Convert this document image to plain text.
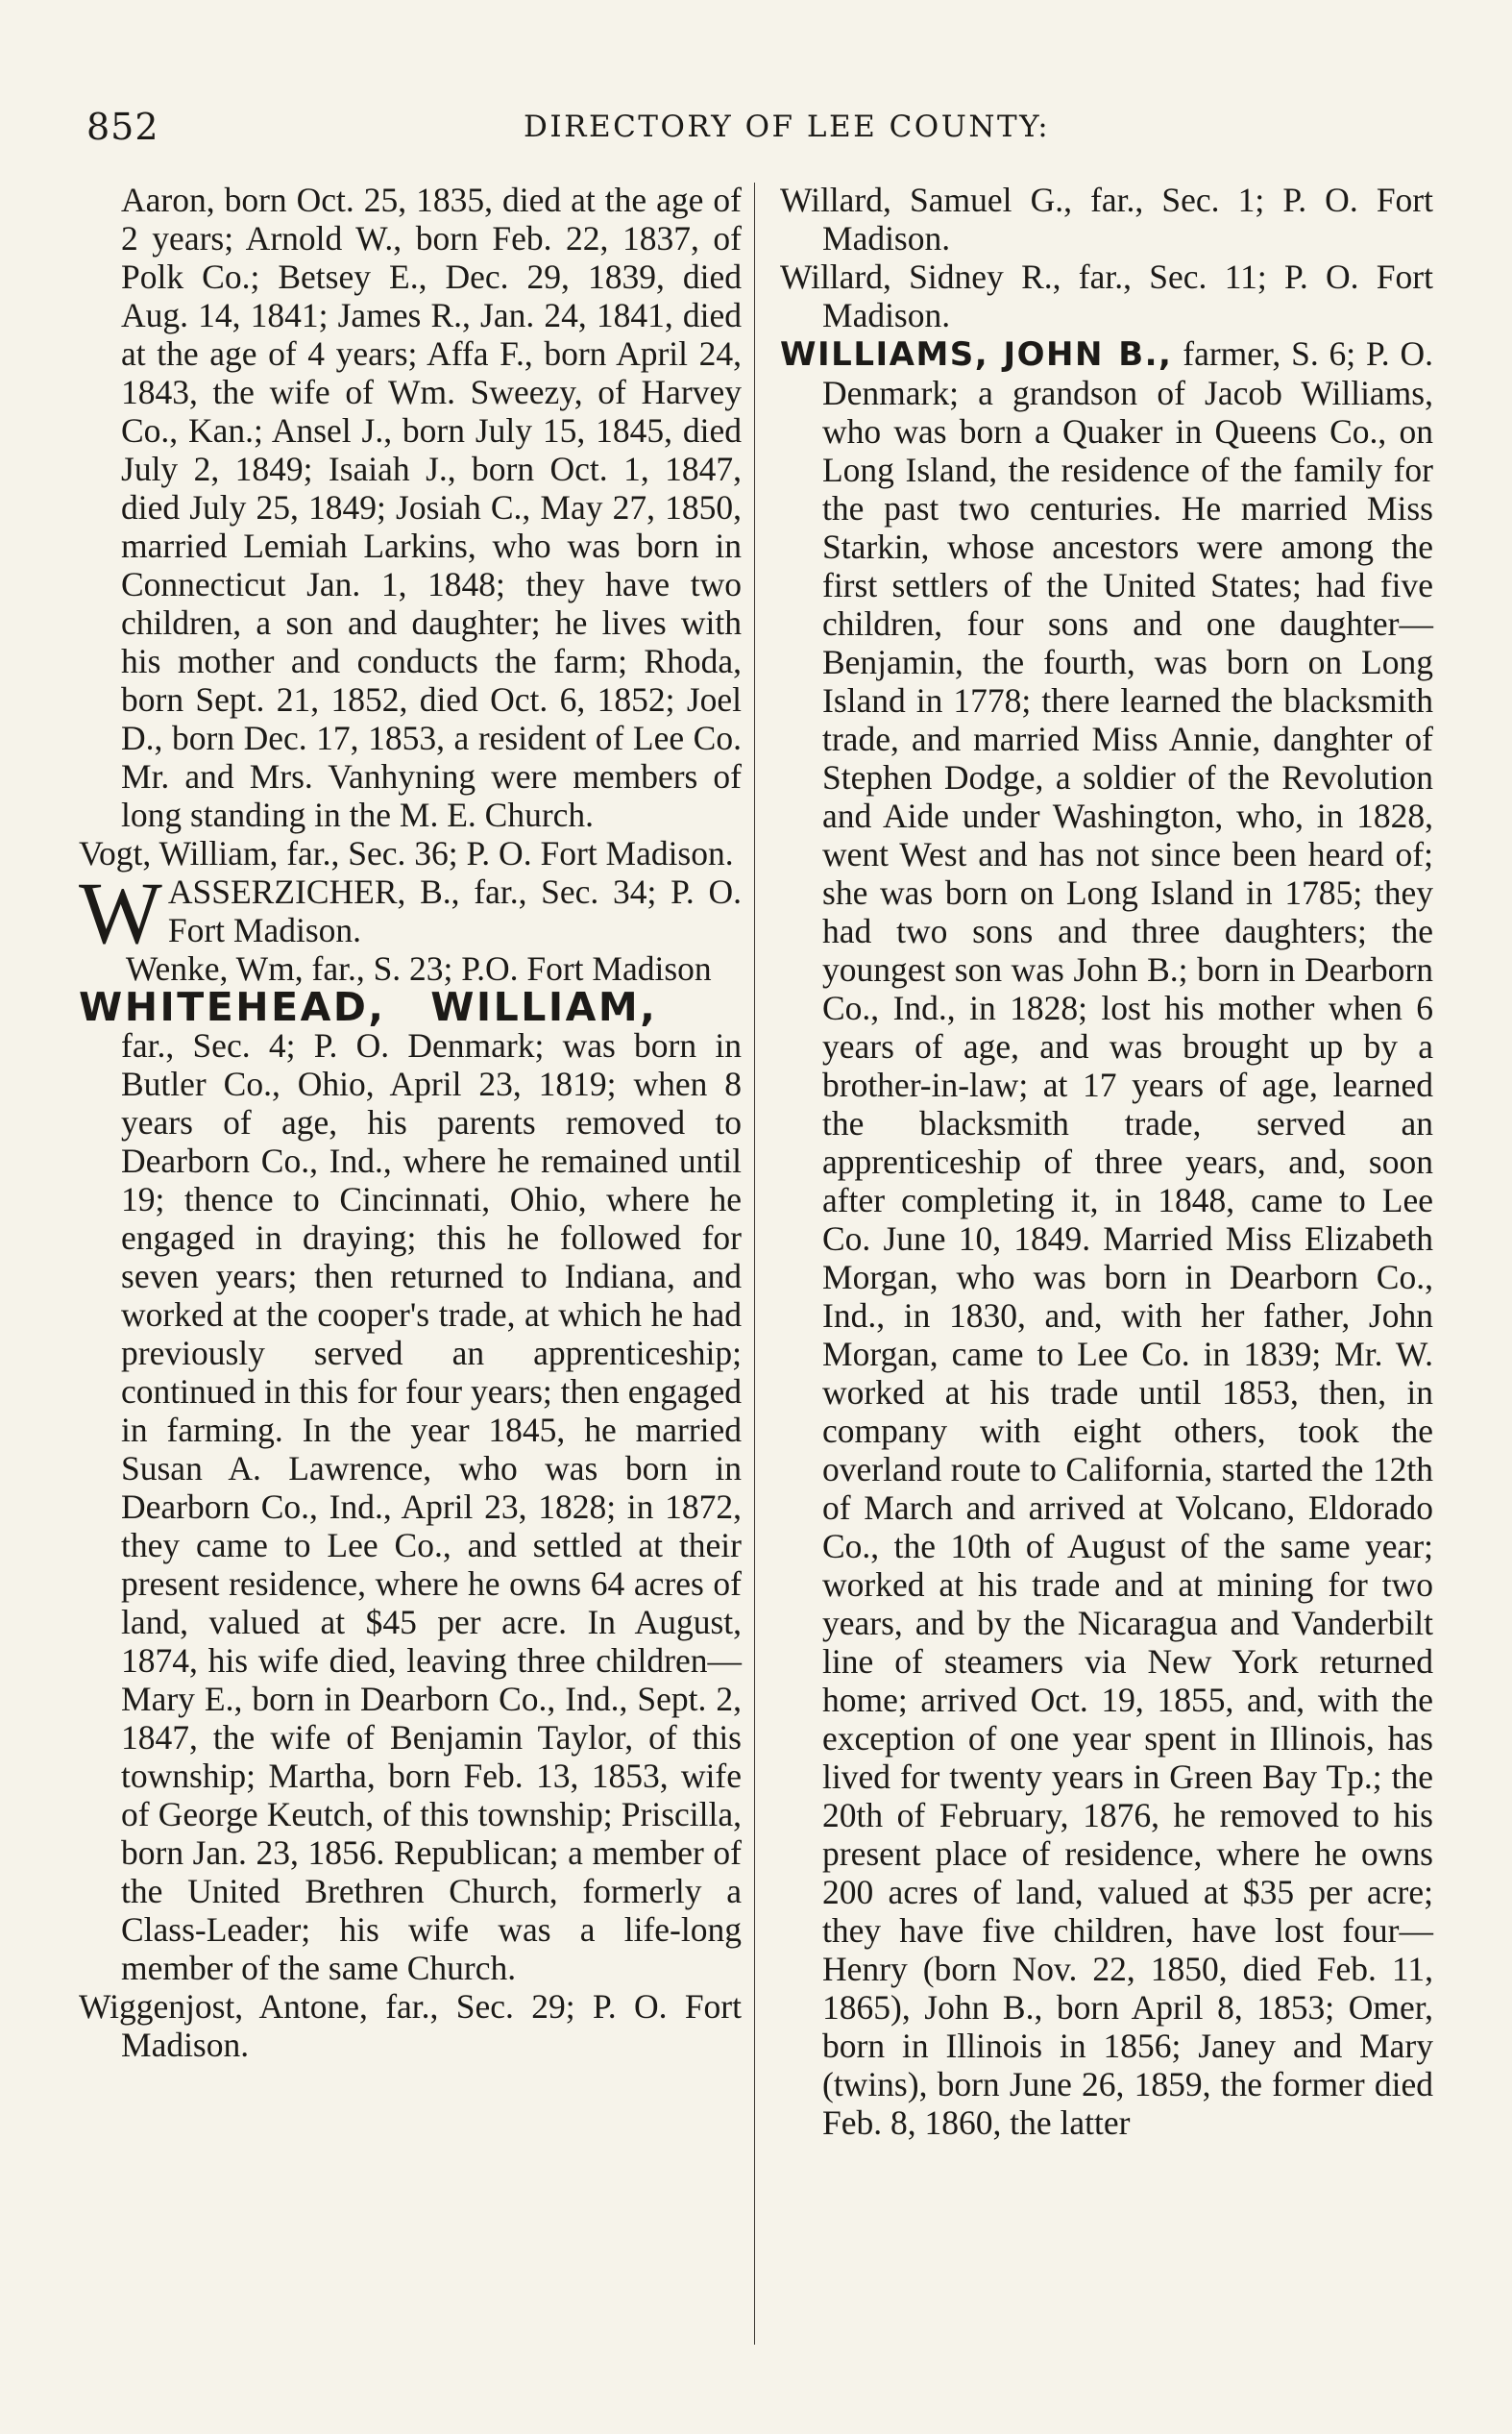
852	DIRECTORY OF LEE COUNTY:

Aaron, born Oct. 25, 1835, died at the age of 2 years; Arnold W., born Feb. 22, 1837, of Polk Co.; Betsey E., Dec. 29, 1839, died Aug. 14, 1841; James R., Jan. 24, 1841, died at the age of 4 years; Affa F., born April 24, 1843, the wife of Wm. Sweezy, of Harvey Co., Kan.; Ansel J., born July 15, 1845, died July 2, 1849; Isaiah J., born Oct. 1, 1847, died July 25, 1849; Josiah C., May 27, 1850, married Lemiah Larkins, who was born in Connecticut Jan. 1, 1848; they have two children, a son and daughter; he lives with his mother and conducts the farm; Rhoda, born Sept. 21, 1852, died Oct. 6, 1852; Joel D., born Dec. 17, 1853, a resident of Lee Co. Mr. and Mrs. Vanhyning were members of long standing in the M. E. Church.

Vogt, William, far., Sec. 36; P. O. Fort Madison.

W ASSERZICHER, B., far., Sec. 34; P. O. Fort Madison.

Wenke, Wm, far., S. 23; P.O. Fort Madison

WHITEHEAD, WILLIAM,

far., Sec. 4; P. O. Denmark; was born in Butler Co., Ohio, April 23, 1819; when 8 years of age, his parents removed to Dearborn Co., Ind., where he remained until 19; thence to Cincinnati, Ohio, where he engaged in draying; this he followed for seven years; then returned to Indiana, and worked at the cooper's trade, at which he had previously served an apprenticeship; continued in this for four years; then engaged in farming. In the year 1845, he married Susan A. Lawrence, who was born in Dearborn Co., Ind., April 23, 1828; in 1872, they came to Lee Co., and settled at their present residence, where he owns 64 acres of land, valued at $45 per acre. In August, 1874, his wife died, leaving three children—Mary E., born in Dearborn Co., Ind., Sept. 2, 1847, the wife of Benjamin Taylor, of this township; Martha, born Feb. 13, 1853, wife of George Keutch, of this township; Priscilla, born Jan. 23, 1856. Republican; a member of the United Brethren Church, formerly a Class-Leader; his wife was a life-long member of the same Church.

Wiggenjost, Antone, far., Sec. 29; P. O. Fort Madison.

Willard, Samuel G., far., Sec. 1; P. O. Fort Madison.

Willard, Sidney R., far., Sec. 11; P. O. Fort Madison.

WILLIAMS, JOHN B., farmer, S. 6; P. O. Denmark; a grandson of Jacob Williams, who was born a Quaker in Queens Co., on Long Island, the residence of the family for the past two centuries. He married Miss Starkin, whose ancestors were among the first settlers of the United States; had five children, four sons and one daughter—Benjamin, the fourth, was born on Long Island in 1778; there learned the blacksmith trade, and married Miss Annie, danghter of Stephen Dodge, a soldier of the Revolution and Aide under Washington, who, in 1828, went West and has not since been heard of; she was born on Long Island in 1785; they had two sons and three daughters; the youngest son was John B.; born in Dearborn Co., Ind., in 1828; lost his mother when 6 years of age, and was brought up by a brother-in-law; at 17 years of age, learned the blacksmith trade, served an apprenticeship of three years, and, soon after completing it, in 1848, came to Lee Co. June 10, 1849. Married Miss Elizabeth Morgan, who was born in Dearborn Co., Ind., in 1830, and, with her father, John Morgan, came to Lee Co. in 1839; Mr. W. worked at his trade until 1853, then, in company with eight others, took the overland route to California, started the 12th of March and arrived at Volcano, Eldorado Co., the 10th of August of the same year; worked at his trade and at mining for two years, and by the Nicaragua and Vanderbilt line of steamers via New York returned home; arrived Oct. 19, 1855, and, with the exception of one year spent in Illinois, has lived for twenty years in Green Bay Tp.; the 20th of February, 1876, he removed to his present place of residence, where he owns 200 acres of land, valued at $35 per acre; they have five children, have lost four—Henry (born Nov. 22, 1850, died Feb. 11, 1865), John B., born April 8, 1853; Omer, born in Illinois in 1856; Janey and Mary (twins), born June 26, 1859, the former died Feb. 8, 1860, the latter
